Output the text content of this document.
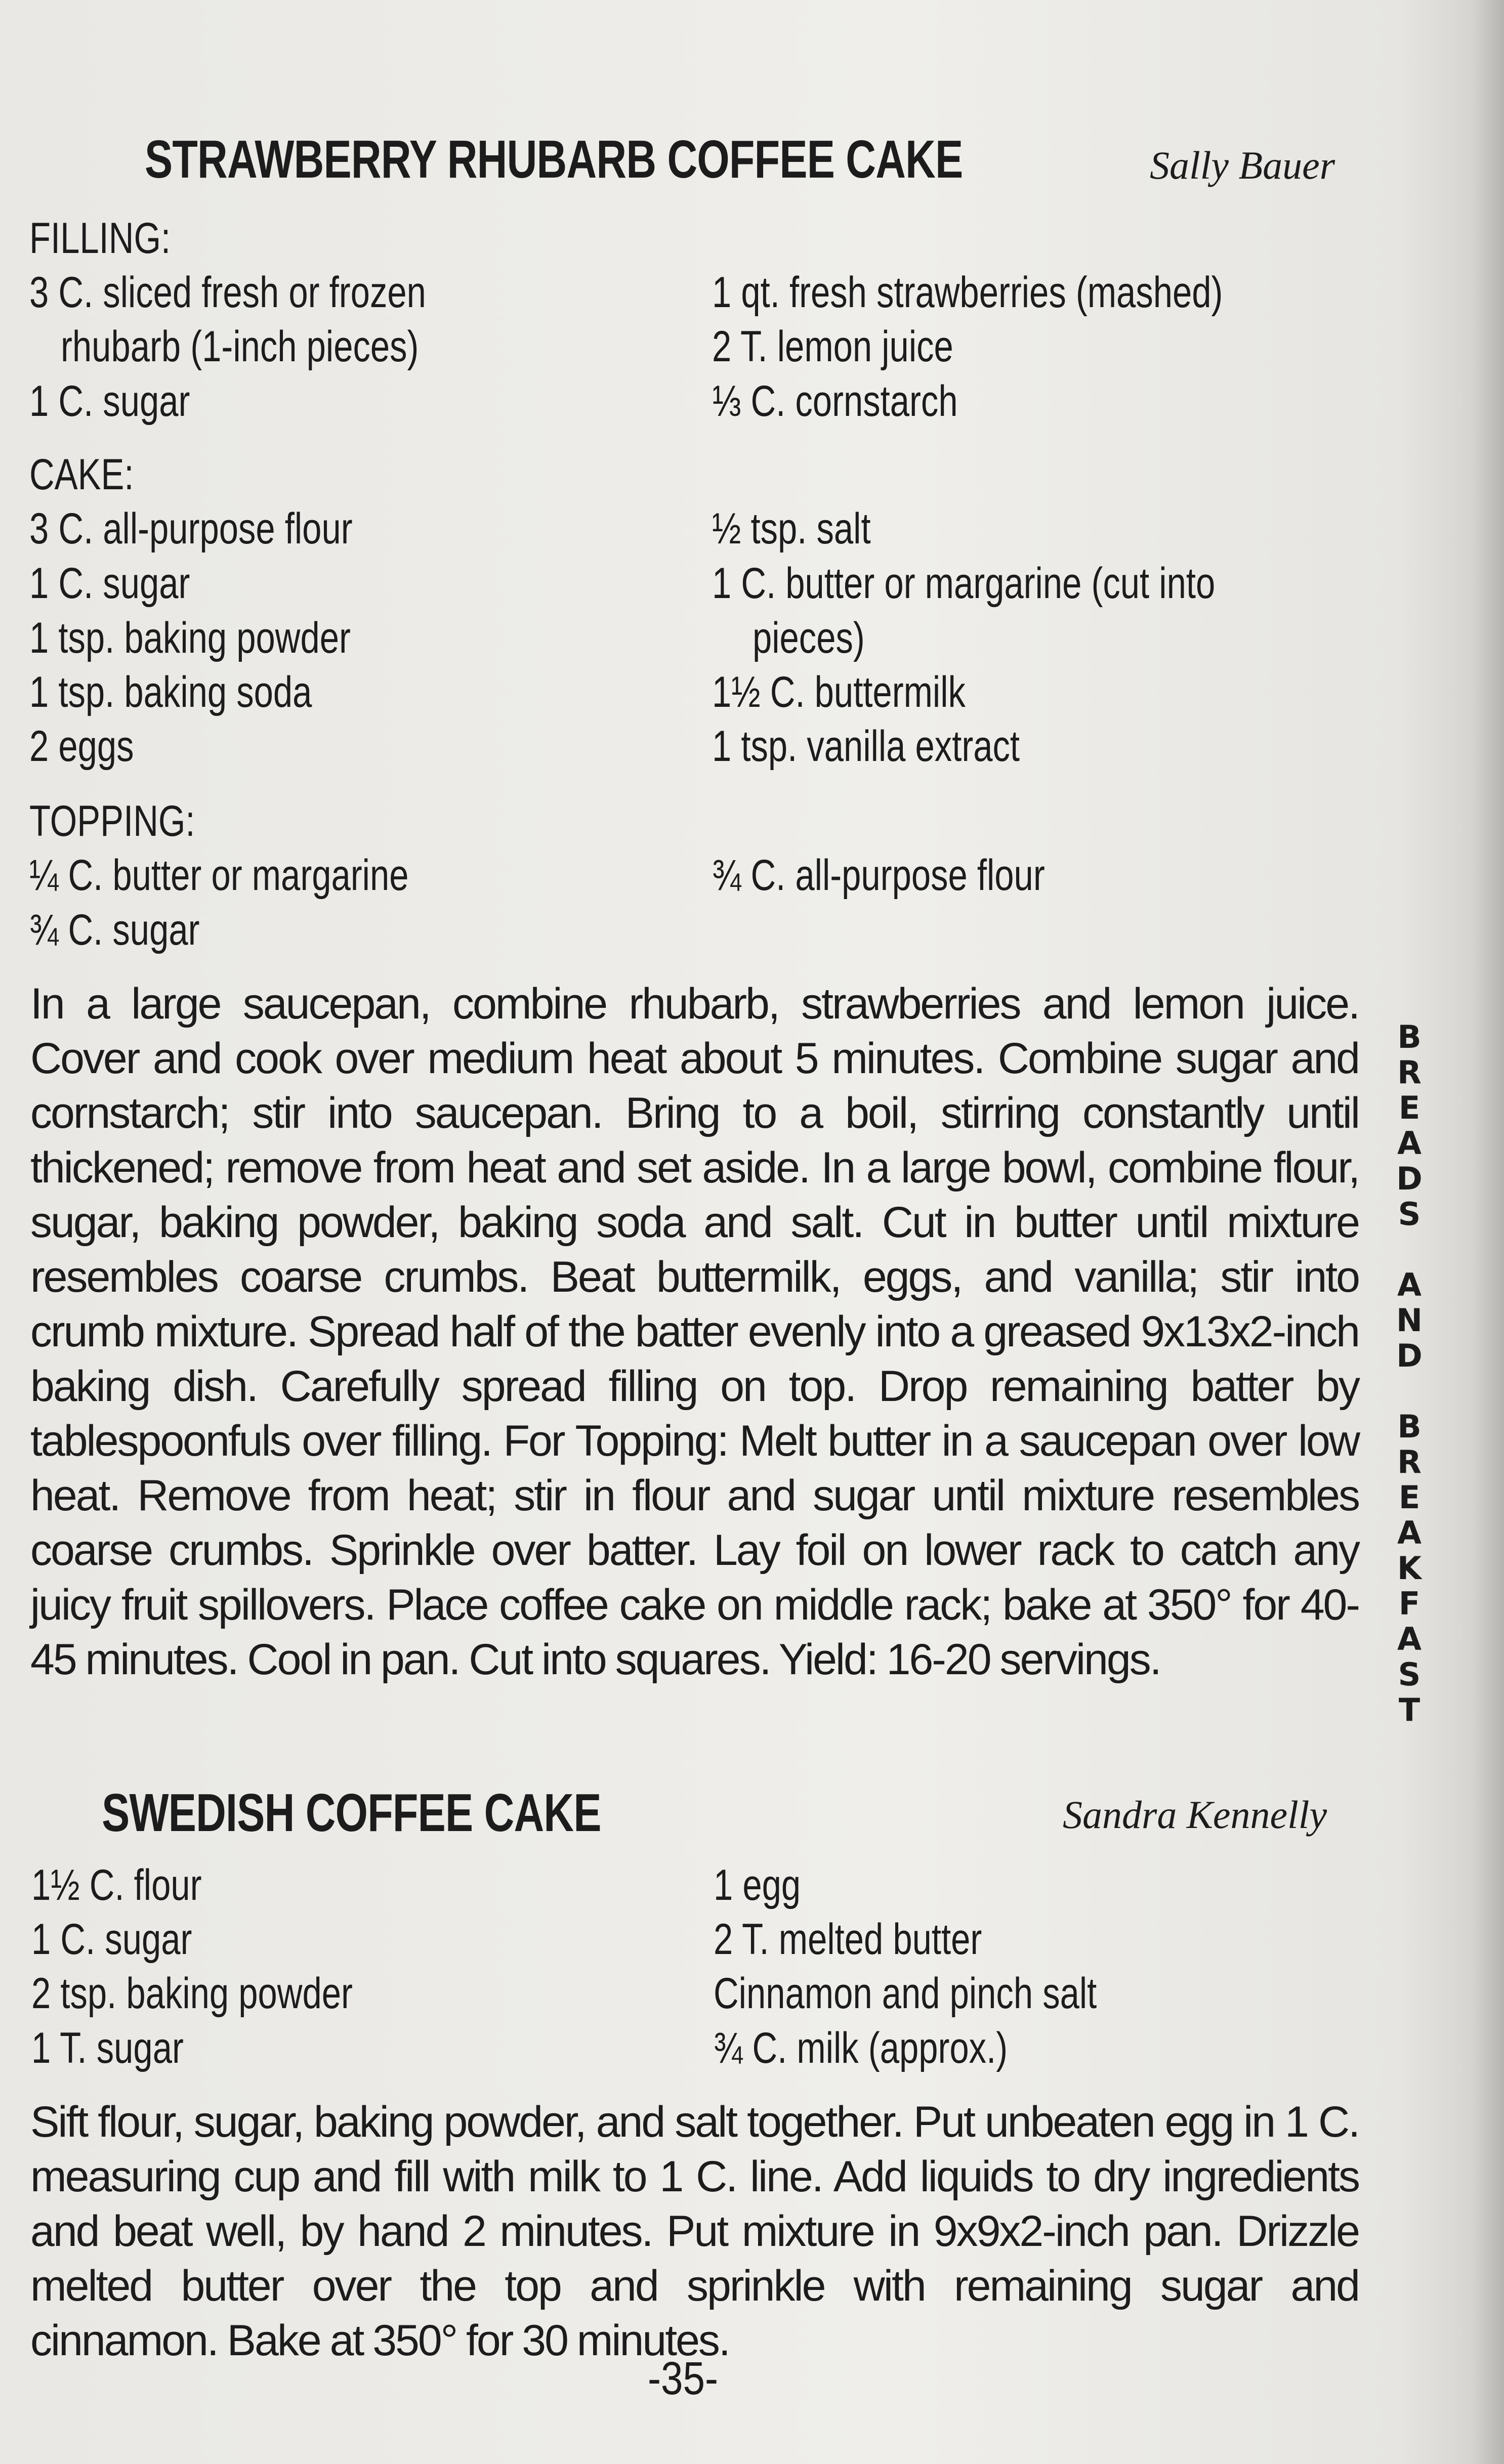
STRAWBERRY RHUBARB COFFEE CAKE	Sally Bauer
FILLING:
3 C. sliced fresh or frozen
rhubarb (1-inch pieces)
1 C. sugar
1 qt. fresh strawberries (mashed)
2 T. lemon juice
⅓ C. cornstarch
CAKE:
3 C. all-purpose flour
1 C. sugar
1 tsp. baking powder
1 tsp. baking soda
2 eggs
½ tsp. salt
1 C. butter or margarine (cut into
pieces)
1½ C. buttermilk
1 tsp. vanilla extract
TOPPING:
¼ C. butter or margarine
¾ C. sugar
¾ C. all-purpose flour
In a large saucepan, combine rhubarb, strawberries and lemon juice. Cover and cook over medium heat about 5 minutes. Combine sugar and cornstarch; stir into saucepan. Bring to a boil, stirring constantly until thickened; remove from heat and set aside. In a large bowl, combine flour, sugar, baking powder, baking soda and salt. Cut in butter until mixture resembles coarse crumbs. Beat buttermilk, eggs, and vanilla; stir into crumb mixture. Spread half of the batter evenly into a greased 9x13x2-inch baking dish. Carefully spread filling on top. Drop remaining batter by tablespoonfuls over filling. For Topping: Melt butter in a saucepan over low heat. Remove from heat; stir in flour and sugar until mixture resembles coarse crumbs. Sprinkle over batter. Lay foil on lower rack to catch any juicy fruit spillovers. Place coffee cake on middle rack; bake at 350° for 40-45 minutes. Cool in pan. Cut into squares. Yield: 16-20 servings.
SWEDISH COFFEE CAKE	Sandra Kennelly
1½ C. flour
1 C. sugar
2 tsp. baking powder
1 T. sugar
1 egg
2 T. melted butter
Cinnamon and pinch salt
¾ C. milk (approx.)
Sift flour, sugar, baking powder, and salt together. Put unbeaten egg in 1 C. measuring cup and fill with milk to 1 C. line. Add liquids to dry ingredients and beat well, by hand 2 minutes. Put mixture in 9x9x2-inch pan. Drizzle melted butter over the top and sprinkle with remaining sugar and cinnamon. Bake at 350° for 30 minutes.
-35-
B
R
E
A
D
S
A
N
D
B
R
E
A
K
F
A
S
T
